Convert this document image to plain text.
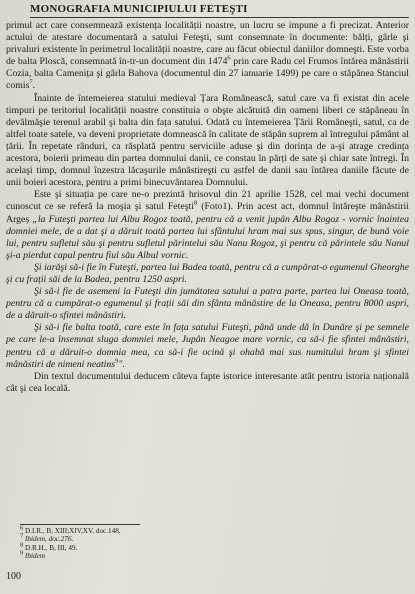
MONOGRAFIA MUNICIPIULUI FETEŞTI

primul act care consemnează existența localității noastre, un lucru se impune a fi precizat. Anterior actului de atestare documentară a satului Feteşti, sunt consemnate în documente: bălți, gârle şi privaluri existente în perimetrul localității noastre, care au făcut obiectul daniilor domneşti. Este vorba de balta Ploscă, consemnată în-tr-un document din 1474$^6$ prin care Radu cel Frumos întărea mânăstirii Cozia, balta Camenița şi gârla Bahova (documentul din 27 ianuarie 1499) pe care o stăpânea Stanciul comis$^7$.

Înainte de întemeierea statului medieval Țara Românească, satul care va fi existat din acele timpuri pe teritoriul localității noastre constituia o obşte alcătuită din oameni liberi ce stăpâneau în devălmăşie terenul arabil şi balta din fața satului. Odată cu întemeierea Țării Româneşti, satul, ca de altfel toate satele, va deveni proprietate domnească în calitate de stăpân suprem al întregului pământ al țării. În repetate rânduri, ca răsplată pentru serviciile aduse şi din dorința de a-şi atrage credința acestora, boierii primeau din partea domnului danii, ce constau în părți de sate şi chiar sate întregi. În acelaşi timp, domnul înzestra lăcaşurile mânăstireşti cu astfel de danii sau întărea daniile făcute de unii boieri acestora, pentru a primi binecuvântarea Domnului.

Este şi situația pe care ne-o prezintă hrisovul din 21 aprilie 1528, cel mai vechi document cunoscut ce se referă la moşia şi satul Feteşti$^8$ (Foto1). Prin acest act, domnul întăreşte mânăstirii Argeș „la Futeşti partea lui Albu Rogoz toată, pentru că a venit jupân Albu Rogoz - vornic înaintea domniei mele, de a dat şi a dăruit toată partea lui sfântului hram mai sus spus, singur, de bună voie lui, pentru sufletul său şi pentru sufletul părintelui său Nanu Rogoz, şi pentru că părintele său Nanul şi-a pierdut capul pentru fiul său Albul vornic.

Şi iarăşi să-i fie în Futeşti, partea lui Badea toată, pentru că a cumpărat-o egumenul Gheorghe şi cu frații săi de la Badea, pentru 1250 aspri.

Şi să-i fie de asemeni la Futeşti din jumătatea satului a patra parte, partea lui Oneasa toată, pentru că a cumpărat-o egumenul şi frații săi din sfânta mânăstire de la Oneasa, pentru 8000 aspri, de a dăruit-o sfintei mânăstiri.

Şi să-i fie balta toată, care este în fața satului Futeşti, până unde dă în Dunăre şi pe semnele pe care le-a însemnat sluga domniei mele, Jupân Neagoe mare vornic, ca să-i fie sfintei mânăstiri, pentru că a dăruit-o domnia mea, ca să-i fie ocină şi ohabă mai sus numitului hram şi sfintei mânăstiri de nimeni neatins$^9$".

Din textul documentului deducem câteva fapte istorice interesante atât pentru istoria națională cât şi cea locală.

6 D.I.R., B, XIII;XIV,XV, doc.148.
7 Ibidem, doc.276.
8 D.R.H., B, III, 49.
9 Ibidem
100
